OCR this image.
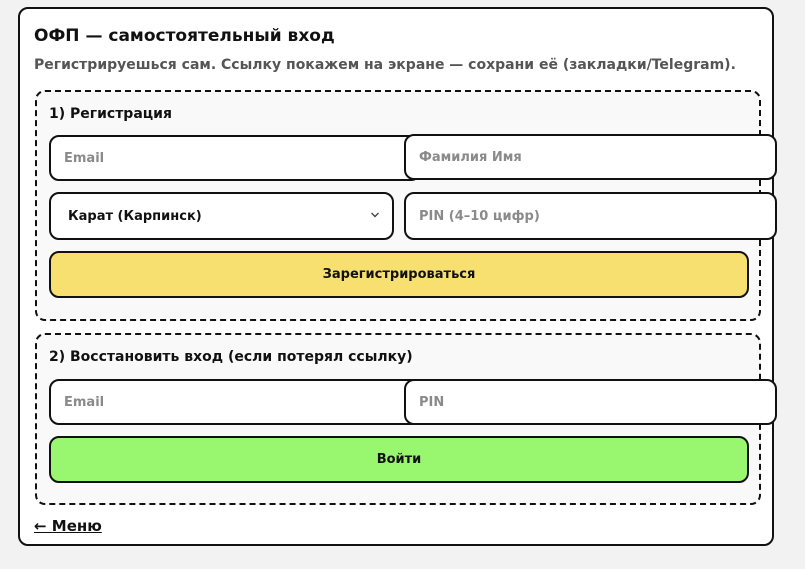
ОФП — самостоятельный вход

Регистрируешься сам. Ссылку покажем на экране — сохрани её (закладки/Telegram).

1) Регистрация
Email
Фамилия Имя
Карат (Карпинск)
PIN (4–10 цифр)
Зарегистрироваться
2) Восстановить вход (если потерял ссылку)
Email
PIN
Войти
← Меню
